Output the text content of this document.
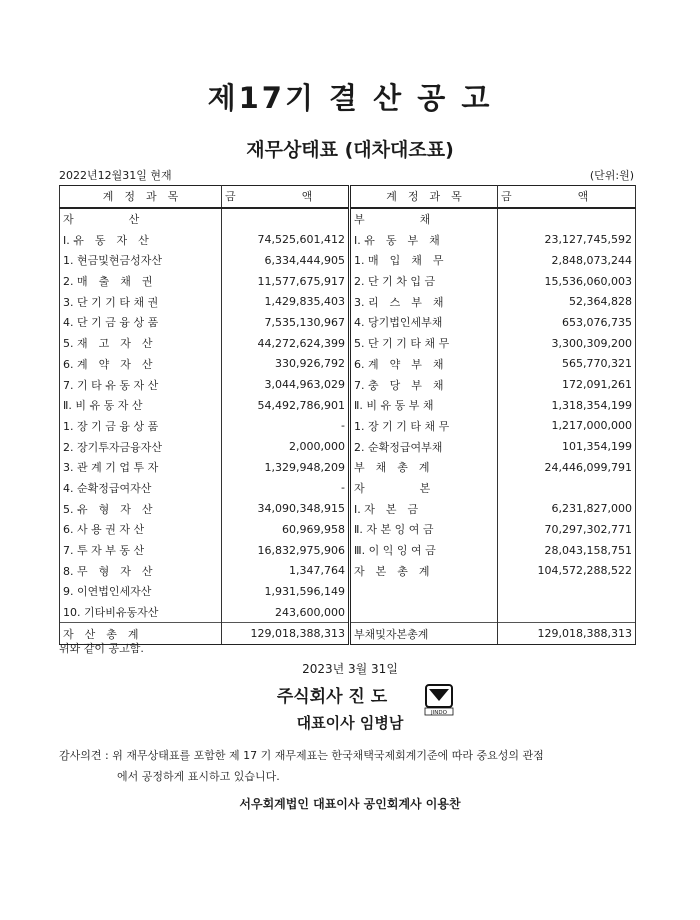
제17기 결 산 공 고
재무상태표 (대차대조표)
2022년12월31일 현재	(단위:원)
계　정　과　목	금　　　　　　액	계　정　과　목	금　　　　　　액
자　　　　　산		부　　　　　채	
Ⅰ. 유　동　자　산	74,525,601,412	Ⅰ. 유　동　부　채	23,127,745,592
1. 현금및현금성자산	6,334,444,905	1. 매　입　채　무	2,848,073,244
2. 매　출　채　권	11,577,675,917	2. 단 기 차 입 금	15,536,060,003
3. 단 기 기 타 채 권	1,429,835,403	3. 리　스　부　채	52,364,828
4. 단 기 금 융 상 품	7,535,130,967	4. 당기법인세부채	653,076,735
5. 재　고　자　산	44,272,624,399	5. 단 기 기 타 채 무	3,300,309,200
6. 계　약　자　산	330,926,792	6. 계　약　부　채	565,770,321
7. 기 타 유 동 자 산	3,044,963,029	7. 충　당　부　채	172,091,261
Ⅱ. 비 유 동 자 산	54,492,786,901	Ⅱ. 비 유 동 부 채	1,318,354,199
1. 장 기 금 융 상 품	-	1. 장 기 기 타 채 무	1,217,000,000
2. 장기투자금융자산	2,000,000	2. 순확정급여부채	101,354,199
3. 관 계 기 업 투 자	1,329,948,209	부　채　총　계	24,446,099,791
4. 순확정급여자산	-	자　　　　　본	
5. 유　형　자　산	34,090,348,915	Ⅰ. 자　본　금	6,231,827,000
6. 사 용 권 자 산	60,969,958	Ⅱ. 자 본 잉 여 금	70,297,302,771
7. 투 자 부 동 산	16,832,975,906	Ⅲ. 이 익 잉 여 금	28,043,158,751
8. 무　형　자　산	1,347,764	자　본　총　계	104,572,288,522
9. 이연법인세자산	1,931,596,149		
10. 기타비유동자산	243,600,000		
자　산　총　계	129,018,388,313	부채및자본총계	129,018,388,313
위와 같이 공고함.
2023년 3월 31일
주식회사 진 도
JINDO
대표이사 임병남
감사의견 : 위 재무상태표를 포함한 제 17 기 재무제표는 한국채택국제회계기준에 따라 중요성의 관점
에서 공정하게 표시하고 있습니다.
서우회계법인 대표이사 공인회계사 이용찬
